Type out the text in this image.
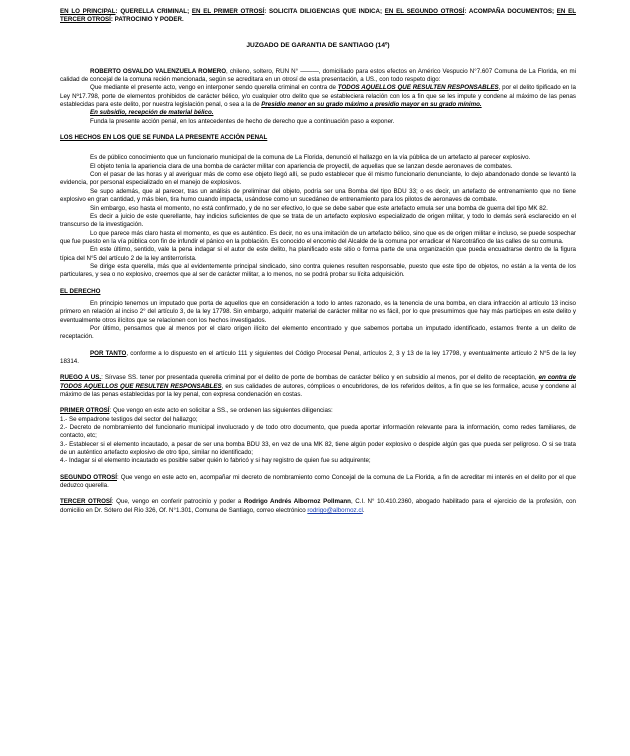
EN LO PRINCIPAL: QUERELLA CRIMINAL; EN EL PRIMER OTROSÍ: SOLICITA DILIGENCIAS QUE INDICA; EN EL SEGUNDO OTROSÍ: ACOMPAÑA DOCUMENTOS; EN EL TERCER OTROSÍ: PATROCINIO Y PODER.

JUZGADO DE GARANTIA DE SANTIAGO (14º)

ROBERTO OSVALDO VALENZUELA ROMERO, chileno, soltero, RUN N° ———, domiciliado para estos efectos en Américo Vespucio N°7.607 Comuna de La Florida, en mi calidad de concejal de la comuna recién mencionada, según se acreditara en un otrosí de esta presentación, a US., con todo respeto digo:

Que mediante el presente acto, vengo en interponer sendo querella criminal en contra de TODOS AQUELLOS QUE RESULTEN RESPONSABLES, por el delito tipificado en la Ley Nº17.798, porte de elementos prohibidos de carácter bélico, y/o cualquier otro delito que se estableciera relación con los a fin que se les impute y condene al máximo de las penas establecidas para este delito, por nuestra legislación penal, o sea a la de Presidio menor en su grado máximo a presidio mayor en su grado mínimo.

En subsidio, recepción de material bélico.

Funda la presente acción penal, en los antecedentes de hecho de derecho que a continuación paso a exponer.

LOS HECHOS EN LOS QUE SE FUNDA LA PRESENTE ACCIÓN PENAL

Es de público conocimiento que un funcionario municipal de la comuna de La Florida, denunció el hallazgo en la vía pública de un artefacto al parecer explosivo.

El objeto tenía la apariencia clara de una bomba de carácter militar con apariencia de proyectil, de aquellas que se lanzan desde aeronaves de combates.

Con el pasar de las horas y al averiguar más de como ese objeto llegó allí, se pudo establecer que él mismo funcionario denunciante, lo dejo abandonado donde se levantó la evidencia, por personal especializado en el manejo de explosivos.

Se supo además, que al parecer, tras un análisis de preliminar del objeto, podría ser una Bomba del tipo BDU 33; o es decir, un artefacto de entrenamiento que no tiene explosivo en gran cantidad, y más bien, tira humo cuando impacta, usándose como un sucedáneo de entrenamiento para los pilotos de aeronaves de combate.

Sin embargo, eso hasta el momento, no está confirmado, y de no ser efectivo, lo que se debe saber que este artefacto emula ser una bomba de guerra del tipo MK 82.

Es decir a juicio de este querellante, hay indicios suficientes de que se trata de un artefacto explosivo especializado de origen militar, y todo lo demás será esclarecido en el transcurso de la investigación.

Lo que parece más claro hasta el momento, es que es auténtico. Es decir, no es una imitación de un artefacto bélico, sino que es de origen militar e incluso, se puede sospechar que fue puesto en la vía pública con fin de infundir el pánico en la población. Es conocido el encomio del Alcalde de la comuna por erradicar el Narcotráfico de las calles de su comuna.

En este último, sentido, vale la pena indagar si el autor de este delito, ha planificado este sitio o forma parte de una organización que pueda encuadrarse dentro de la figura típica del N°5 del artículo 2 de la ley antiterrorista.

Se dirige esta querella, más que al evidentemente principal sindicado, sino contra quienes resulten responsable, puesto que este tipo de objetos, no están a la venta de los particulares, y sea o no explosivo, creemos que al ser de carácter militar, a lo menos, no se podrá probar su lícita adquisición.

EL DERECHO

En principio tenemos un imputado que porta de aquellos que en consideración a todo lo antes razonado, es la tenencia de una bomba, en clara infracción al artículo 13 inciso primero en relación al inciso 2° del artículo 3, de la ley 17798. Sin embargo, adquirir material de carácter militar no es fácil, por lo que presumimos que hay más partícipes en este delito y eventualmente otros ilícitos que se relacionen con los hechos investigados.

Por último, pensamos que al menos por el claro origen ilícito del elemento encontrado y que sabemos portaba un imputado identificado, estamos frente a un delito de receptación.

POR TANTO, conforme a lo dispuesto en el artículo 111 y siguientes del Código Procesal Penal, artículos 2, 3 y 13 de la ley 17798, y eventualmente artículo 2 N°5 de la ley 18314.

RUEGO A US.: Sírvase SS. tener por presentada querella criminal por el delito de porte de bombas de carácter bélico y en subsidio al menos, por el delito de receptación, en contra de TODOS AQUELLOS QUE RESULTEN RESPONSABLES, en sus calidades de autores, cómplices o encubridores, de los referidos delitos, a fin que se les formalice, acuse y condene al máximo de las penas establecidas por la ley penal, con expresa condenación en costas.

PRIMER OTROSÍ: Que vengo en este acto en solicitar a SS., se ordenen las siguientes diligencias:

1.- Se empadrone testigos del sector del hallazgo;

2.- Decreto de nombramiento del funcionario municipal involucrado y de todo otro documento, que pueda aportar información relevante para la información, como redes familiares, de contacto, etc;

3.- Establecer si el elemento incautado, a pesar de ser una bomba BDU 33, en vez de una MK 82, tiene algún poder explosivo o despide algún gas que pueda ser peligroso. O si se trata de un auténtico artefacto explosivo de otro tipo, similar no identificado;

4.- Indagar si el elemento incautado es posible saber quién lo fabricó y si hay registro de quien fue su adquirente;

SEGUNDO OTROSÍ: Que vengo en este acto en, acompañar mi decreto de nombramiento como Concejal de la comuna de La Florida, a fin de acreditar mi interés en el delito por el que deduzco querella.

TERCER OTROSÍ: Que, vengo en conferir patrocinio y poder a Rodrigo Andrés Albornoz Pollmann, C.I. N° 10.410.2360, abogado habilitado para el ejercicio de la profesión, con domicilio en Dr. Sótero del Río 326, Of. N°1.301, Comuna de Santiago, correo electrónico rodrigo@albornoz.cl.
